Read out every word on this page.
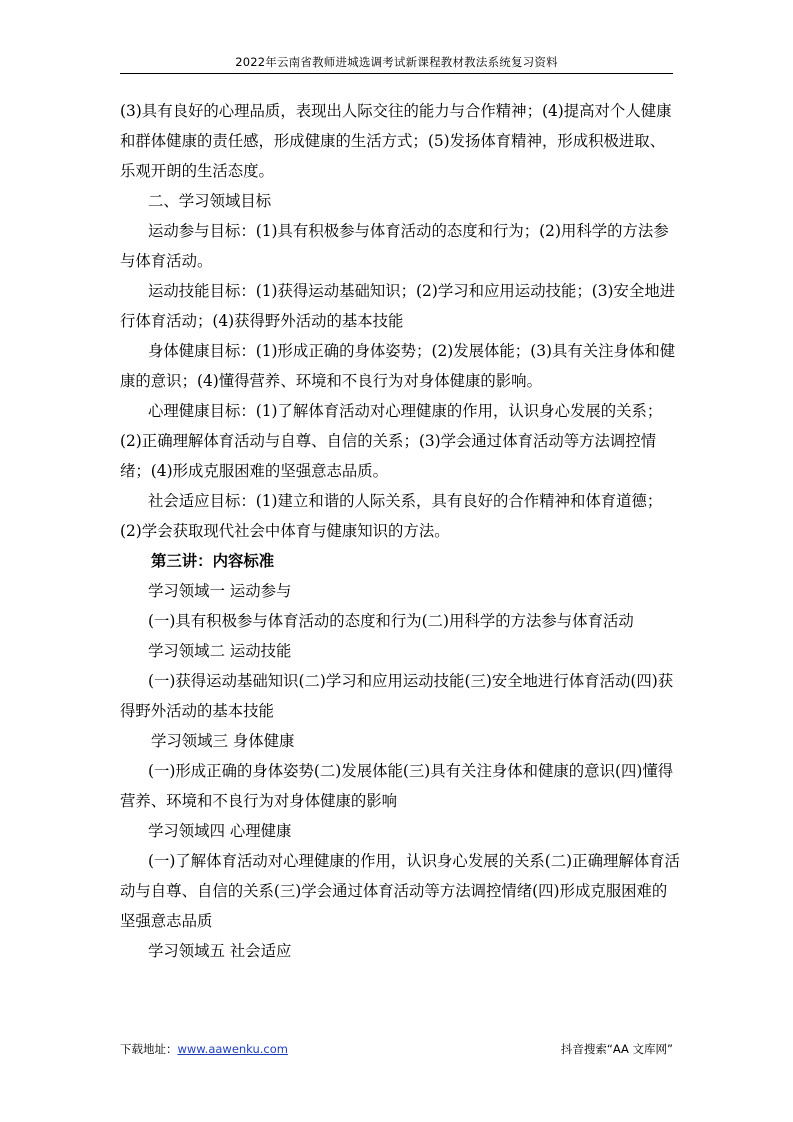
2022年云南省教师进城选调考试新课程教材教法系统复习资料

(3)具有良好的心理品质，表现出人际交往的能力与合作精神；(4)提高对个人健康和群体健康的责任感，形成健康的生活方式；(5)发扬体育精神，形成积极进取、乐观开朗的生活态度。

二、学习领域目标

运动参与目标：(1)具有积极参与体育活动的态度和行为；(2)用科学的方法参与体育活动。

运动技能目标：(1)获得运动基础知识；(2)学习和应用运动技能；(3)安全地进行体育活动；(4)获得野外活动的基本技能

身体健康目标：(1)形成正确的身体姿势；(2)发展体能；(3)具有关注身体和健康的意识；(4)懂得营养、环境和不良行为对身体健康的影响。

心理健康目标：(1)了解体育活动对心理健康的作用，认识身心发展的关系；(2)正确理解体育活动与自尊、自信的关系；(3)学会通过体育活动等方法调控情绪；(4)形成克服困难的坚强意志品质。

社会适应目标：(1)建立和谐的人际关系，具有良好的合作精神和体育道德；(2)学会获取现代社会中体育与健康知识的方法。

第三讲：内容标准

学习领域一 运动参与

(一)具有积极参与体育活动的态度和行为(二)用科学的方法参与体育活动

学习领域二 运动技能

(一)获得运动基础知识(二)学习和应用运动技能(三)安全地进行体育活动(四)获得野外活动的基本技能

学习领域三 身体健康

(一)形成正确的身体姿势(二)发展体能(三)具有关注身体和健康的意识(四)懂得营养、环境和不良行为对身体健康的影响

学习领域四 心理健康

(一)了解体育活动对心理健康的作用，认识身心发展的关系(二)正确理解体育活动与自尊、自信的关系(三)学会通过体育活动等方法调控情绪(四)形成克服困难的坚强意志品质

学习领域五 社会适应

下载地址：www.aawenku.com	抖音搜索“AA 文库网”
